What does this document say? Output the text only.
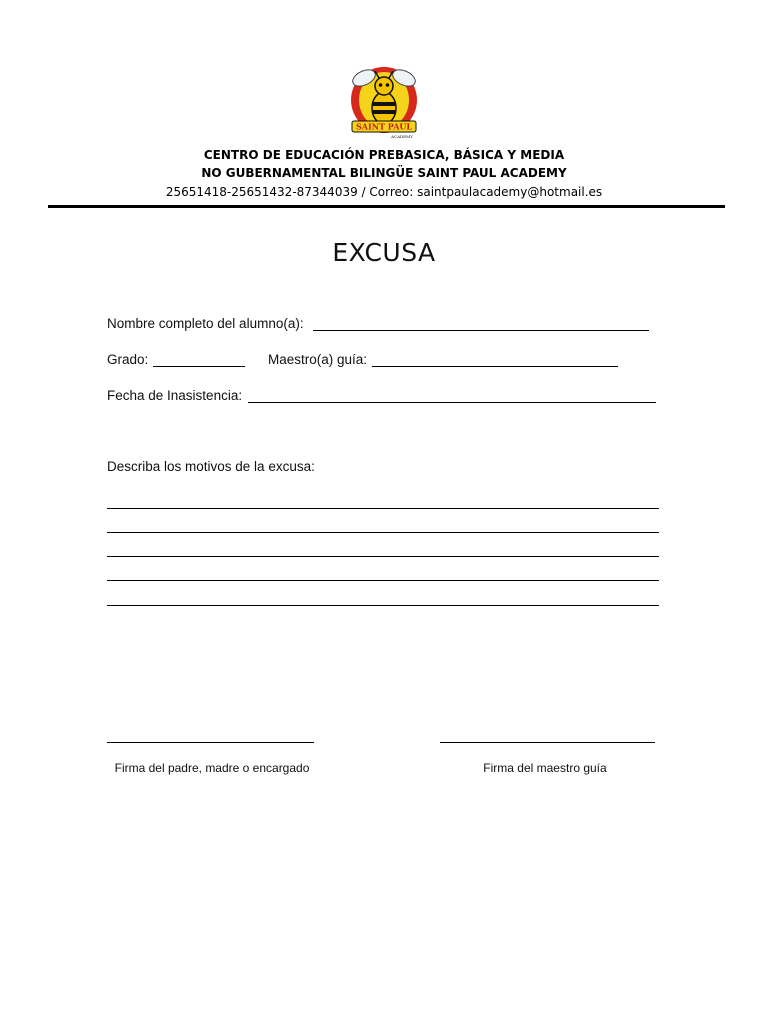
SAINT PAUL
ACADEMY
CENTRO DE EDUCACIÓN PREBASICA, BÁSICA Y MEDIA
NO GUBERNAMENTAL BILINGÜE SAINT PAUL ACADEMY
25651418-25651432-87344039 / Correo: saintpaulacademy@hotmail.es
EXCUSA
Nombre completo del alumno(a):
Grado:	Maestro(a) guía:
Fecha de Inasistencia:
Describa los motivos de la excusa:
Firma del padre, madre o encargado	Firma del maestro guía
